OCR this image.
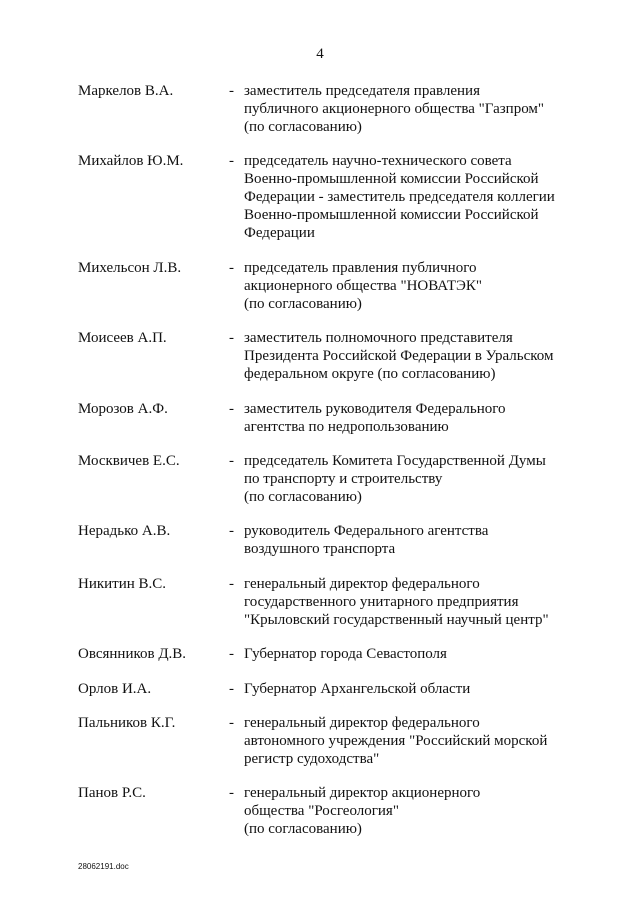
4
Маркелов В.А.	- заместитель председателя правления
публичного акционерного общества "Газпром"
(по согласованию)
Михайлов Ю.М.	- председатель научно-технического совета
Военно-промышленной комиссии Российской
Федерации - заместитель председателя коллегии
Военно-промышленной комиссии Российской
Федерации
Михельсон Л.В.	- председатель правления публичного
акционерного общества "НОВАТЭК"
(по согласованию)
Моисеев А.П.	- заместитель полномочного представителя
Президента Российской Федерации в Уральском
федеральном округе (по согласованию)
Морозов А.Ф.	- заместитель руководителя Федерального
агентства по недропользованию
Москвичев Е.С.	- председатель Комитета Государственной Думы
по транспорту и строительству
(по согласованию)
Нерадько А.В.	- руководитель Федерального агентства
воздушного транспорта
Никитин В.С.	- генеральный директор федерального
государственного унитарного предприятия
"Крыловский государственный научный центр"
Овсянников Д.В.	- Губернатор города Севастополя
Орлов И.А.	- Губернатор Архангельской области
Пальников К.Г.	- генеральный директор федерального
автономного учреждения "Российский морской
регистр судоходства"
Панов Р.С.	- генеральный директор акционерного
общества "Росгеология"
(по согласованию)
28062191.doc
